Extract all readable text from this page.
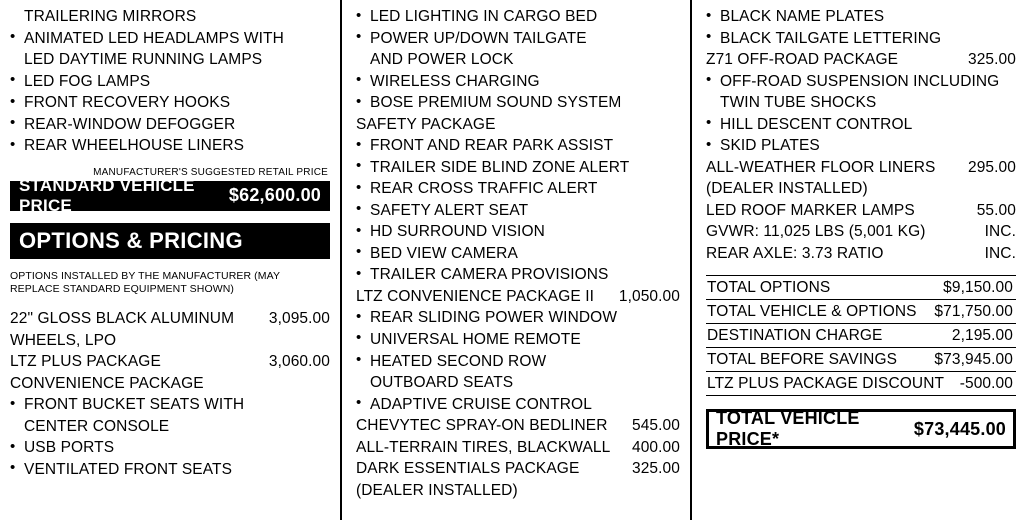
TRAILERING MIRRORS
• ANIMATED LED HEADLAMPS WITH
LED DAYTIME RUNNING LAMPS
• LED FOG LAMPS
• FRONT RECOVERY HOOKS
• REAR-WINDOW DEFOGGER
• REAR WHEELHOUSE LINERS
MANUFACTURER'S SUGGESTED RETAIL PRICE
STANDARD VEHICLE PRICE	$62,600.00
OPTIONS & PRICING
OPTIONS INSTALLED BY THE MANUFACTURER (MAY REPLACE STANDARD EQUIPMENT SHOWN)
22" GLOSS BLACK ALUMINUM 3,095.00
WHEELS, LPO
LTZ PLUS PACKAGE	3,060.00
CONVENIENCE PACKAGE
• FRONT BUCKET SEATS WITH
CENTER CONSOLE
• USB PORTS
• VENTILATED FRONT SEATS
• LED LIGHTING IN CARGO BED
• POWER UP/DOWN TAILGATE
AND POWER LOCK
• WIRELESS CHARGING
• BOSE PREMIUM SOUND SYSTEM
SAFETY PACKAGE
• FRONT AND REAR PARK ASSIST
• TRAILER SIDE BLIND ZONE ALERT
• REAR CROSS TRAFFIC ALERT
• SAFETY ALERT SEAT
• HD SURROUND VISION
• BED VIEW CAMERA
• TRAILER CAMERA PROVISIONS
LTZ CONVENIENCE PACKAGE II 1,050.00
• REAR SLIDING POWER WINDOW
• UNIVERSAL HOME REMOTE
• HEATED SECOND ROW
OUTBOARD SEATS
• ADAPTIVE CRUISE CONTROL
CHEVYTEC SPRAY-ON BEDLINER 545.00
ALL-TERRAIN TIRES, BLACKWALL 400.00
DARK ESSENTIALS PACKAGE	325.00
(DEALER INSTALLED)
• BLACK NAME PLATES
• BLACK TAILGATE LETTERING
Z71 OFF-ROAD PACKAGE	325.00
• OFF-ROAD SUSPENSION INCLUDING
TWIN TUBE SHOCKS
• HILL DESCENT CONTROL
• SKID PLATES
ALL-WEATHER FLOOR LINERS 295.00
(DEALER INSTALLED)
LED ROOF MARKER LAMPS	55.00
GVWR: 11,025 LBS (5,001 KG)	INC.
REAR AXLE: 3.73 RATIO	INC.
TOTAL OPTIONS	$9,150.00
TOTAL VEHICLE & OPTIONS $71,750.00
DESTINATION CHARGE	2,195.00
TOTAL BEFORE SAVINGS $73,945.00
LTZ PLUS PACKAGE DISCOUNT -500.00
TOTAL VEHICLE PRICE*
$73,445.00
